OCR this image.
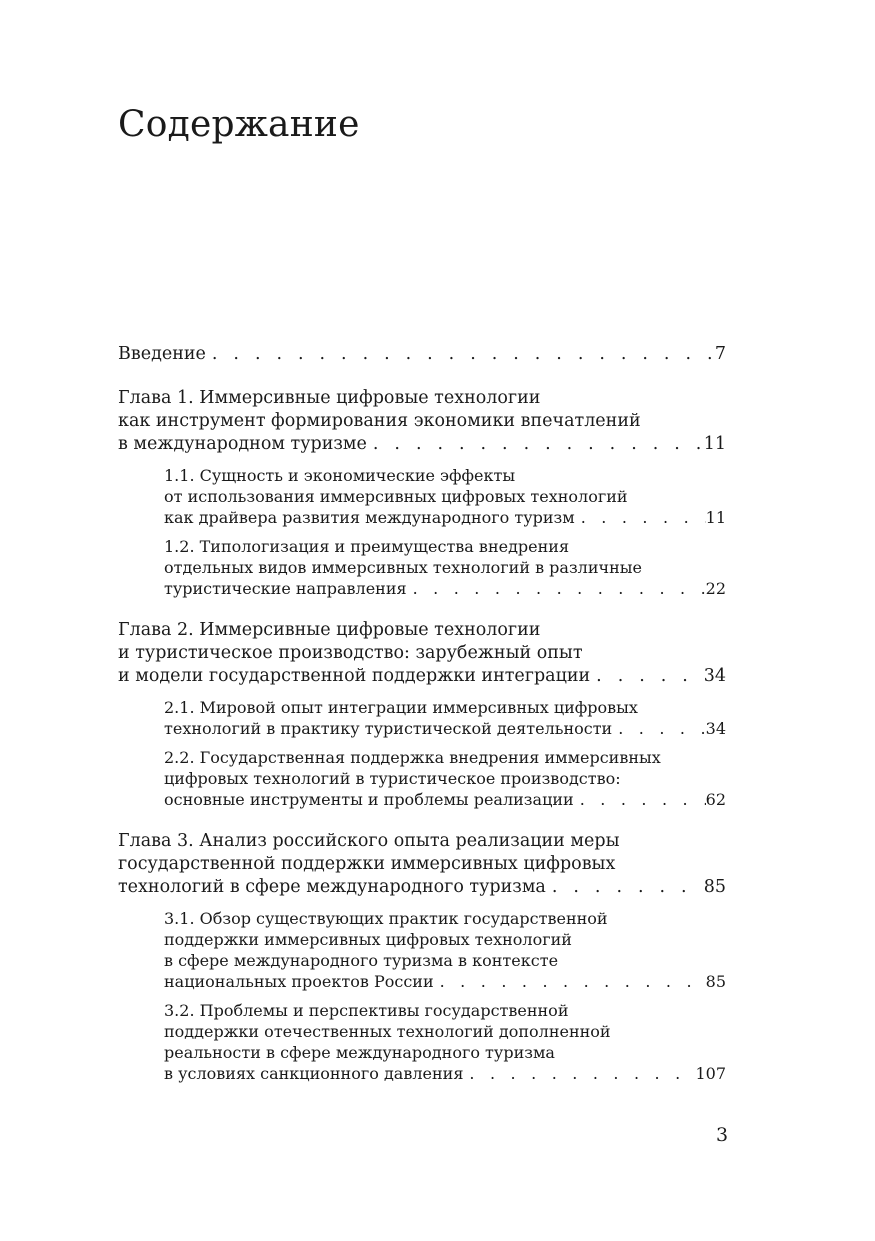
Содержание
Введение . . .	7
Глава 1. Иммерсивные цифровые технологии
как инструмент формирования экономики впечатлений
в международном туризме . . .	11
1.1. Сущность и экономические эффекты
от использования иммерсивных цифровых технологий
как драйвера развития международного туризм . . .	11
1.2. Типологизация и преимущества внедрения
отдельных видов иммерсивных технологий в различные
туристические направления . . .	22
Глава 2. Иммерсивные цифровые технологии
и туристическое производство: зарубежный опыт
и модели государственной поддержки интеграции . . .	34
2.1. Мировой опыт интеграции иммерсивных цифровых
технологий в практику туристической деятельности . . .	34
2.2. Государственная поддержка внедрения иммерсивных
цифровых технологий в туристическое производство:
основные инструменты и проблемы реализации . . .	62
Глава 3. Анализ российского опыта реализации меры
государственной поддержки иммерсивных цифровых
технологий в сфере международного туризма . . .	85
3.1. Обзор существующих практик государственной
поддержки иммерсивных цифровых технологий
в сфере международного туризма в контексте
национальных проектов России . . .	85
3.2. Проблемы и перспективы государственной
поддержки отечественных технологий дополненной
реальности в сфере международного туризма
в условиях санкционного давления . . .	107
3
